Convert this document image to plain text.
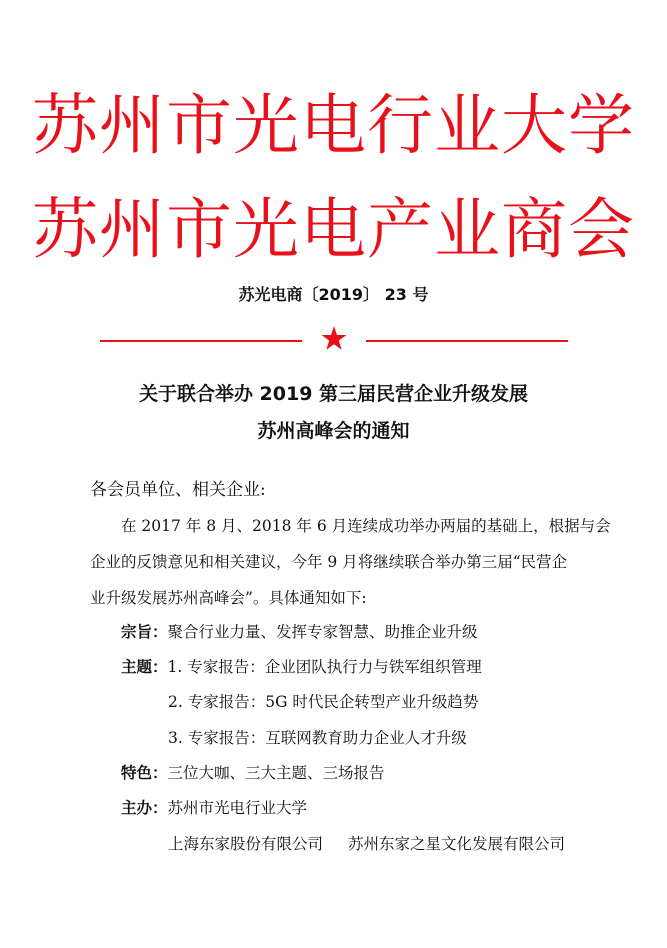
苏州市光电行业大学
苏州市光电产业商会
苏光电商〔2019〕 23 号
关于联合举办 2019 第三届民营企业升级发展
苏州高峰会的通知
各会员单位、相关企业:
在 2017 年 8 月、2018 年 6 月连续成功举办两届的基础上，根据与会
企业的反馈意见和相关建议，今年 9 月将继续联合举办第三届“民营企
业升级发展苏州高峰会”。具体通知如下:
宗旨：聚合行业力量、发挥专家智慧、助推企业升级
主题：1. 专家报告：企业团队执行力与铁军组织管理
2. 专家报告：5G 时代民企转型产业升级趋势
3. 专家报告：互联网教育助力企业人才升级
特色：三位大咖、三大主题、三场报告
主办：苏州市光电行业大学
上海东家股份有限公司 苏州东家之星文化发展有限公司
